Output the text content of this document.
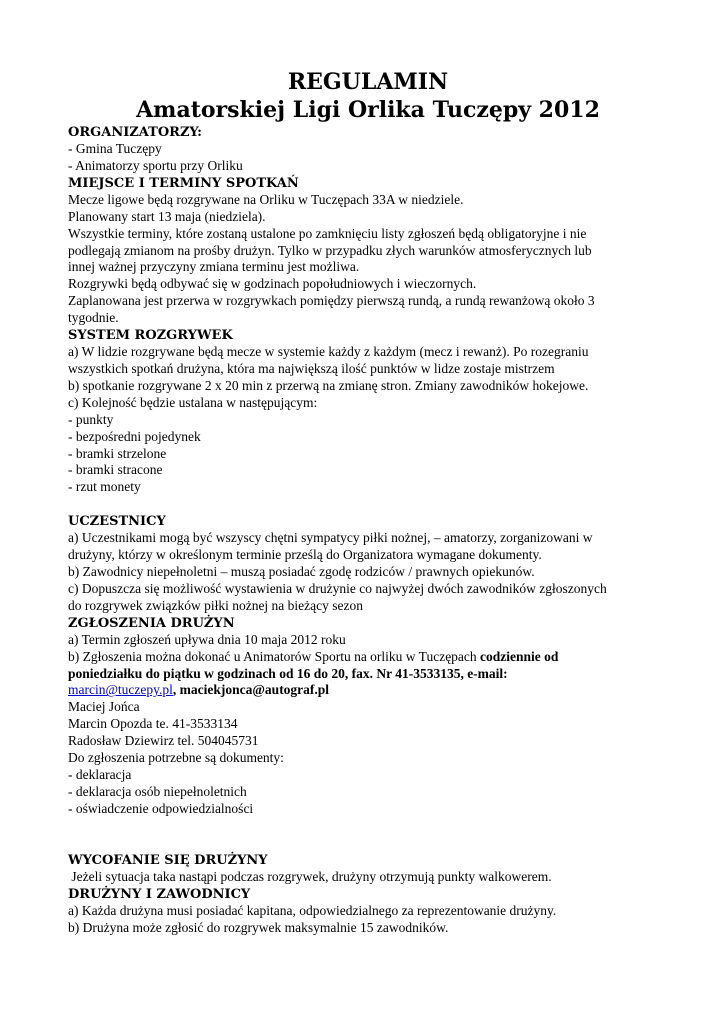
REGULAMIN
Amatorskiej Ligi Orlika Tuczępy 2012
ORGANIZATORZY:
- Gmina Tuczępy
- Animatorzy sportu przy Orliku
MIEJSCE I TERMINY SPOTKAŃ
Mecze ligowe będą rozgrywane na Orliku w Tuczępach 33A w niedziele.
Planowany start 13 maja (niedziela).
Wszystkie terminy, które zostaną ustalone po zamknięciu listy zgłoszeń będą obligatoryjne i nie
podlegają zmianom na prośby drużyn. Tylko w przypadku złych warunków atmosferycznych lub
innej ważnej przyczyny zmiana terminu jest możliwa.
Rozgrywki będą odbywać się w godzinach popołudniowych i wieczornych.
Zaplanowana jest przerwa w rozgrywkach pomiędzy pierwszą rundą, a rundą rewanżową około 3
tygodnie.
SYSTEM ROZGRYWEK
a) W lidzie rozgrywane będą mecze w systemie każdy z każdym (mecz i rewanż). Po rozegraniu
wszystkich spotkań drużyna, która ma największą ilość punktów w lidze zostaje mistrzem
b) spotkanie rozgrywane 2 x 20 min z przerwą na zmianę stron. Zmiany zawodników hokejowe.
c) Kolejność będzie ustalana w następującym:
- punkty
- bezpośredni pojedynek
- bramki strzelone
- bramki stracone
- rzut monety
UCZESTNICY
a) Uczestnikami mogą być wszyscy chętni sympatycy piłki nożnej, – amatorzy, zorganizowani w
drużyny, którzy w określonym terminie prześlą do Organizatora wymagane dokumenty.
b) Zawodnicy niepełnoletni – muszą posiadać zgodę rodziców / prawnych opiekunów.
c) Dopuszcza się możliwość wystawienia w drużynie co najwyżej dwóch zawodników zgłoszonych
do rozgrywek związków piłki nożnej na bieżący sezon
ZGŁOSZENIA DRUŻYN
a) Termin zgłoszeń upływa dnia 10 maja 2012 roku
b) Zgłoszenia można dokonać u Animatorów Sportu na orliku w Tuczępach codziennie od
poniedziałku do piątku w godzinach od 16 do 20, fax. Nr 41-3533135, e-mail:
marcin@tuczepy.pl, maciekjonca@autograf.pl
Maciej Jońca
Marcin Opozda te. 41-3533134
Radosław Dziewirz tel. 504045731
Do zgłoszenia potrzebne są dokumenty:
- deklaracja
- deklaracja osób niepełnoletnich
- oświadczenie odpowiedzialności
WYCOFANIE SIĘ DRUŻYNY
Jeżeli sytuacja taka nastąpi podczas rozgrywek, drużyny otrzymują punkty walkowerem.
DRUŻYNY I ZAWODNICY
a) Każda drużyna musi posiadać kapitana, odpowiedzialnego za reprezentowanie drużyny.
b) Drużyna może zgłosić do rozgrywek maksymalnie 15 zawodników.
